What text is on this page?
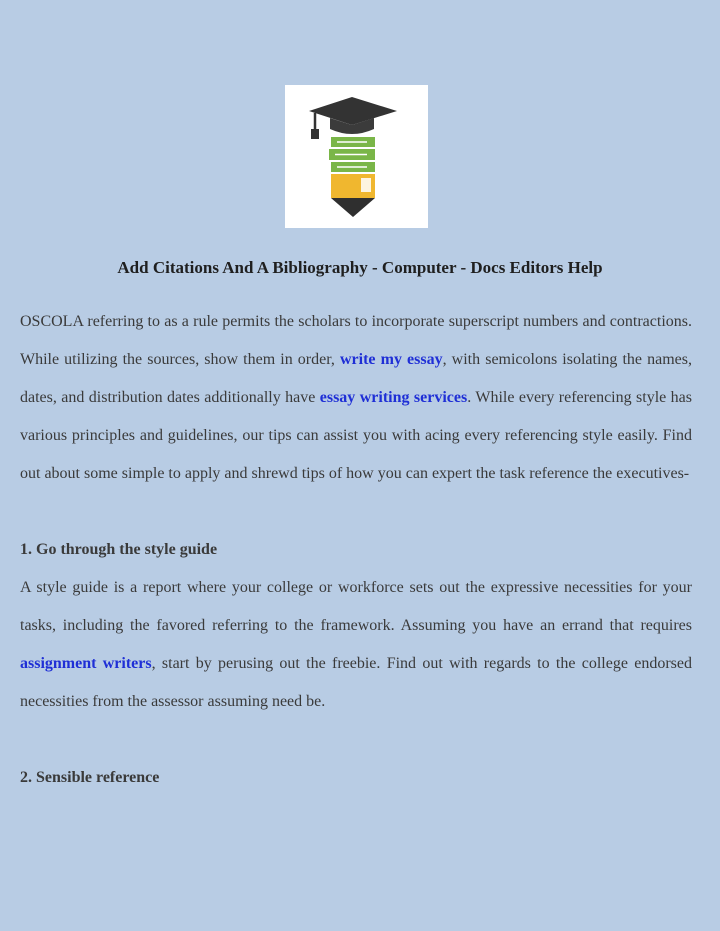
Add Citations And A Bibliography - Computer - Docs Editors Help

OSCOLA referring to as a rule permits the scholars to incorporate superscript numbers and contractions. While utilizing the sources, show them in order, write my essay, with semicolons isolating the names, dates, and distribution dates additionally have essay writing services. While every referencing style has various principles and guidelines, our tips can assist you with acing every referencing style easily. Find out about some simple to apply and shrewd tips of how you can expert the task reference the executives-

1. Go through the style guide

A style guide is a report where your college or workforce sets out the expressive necessities for your tasks, including the favored referring to the framework. Assuming you have an errand that requires assignment writers, start by perusing out the freebie. Find out with regards to the college endorsed necessities from the assessor assuming need be.

2. Sensible reference
